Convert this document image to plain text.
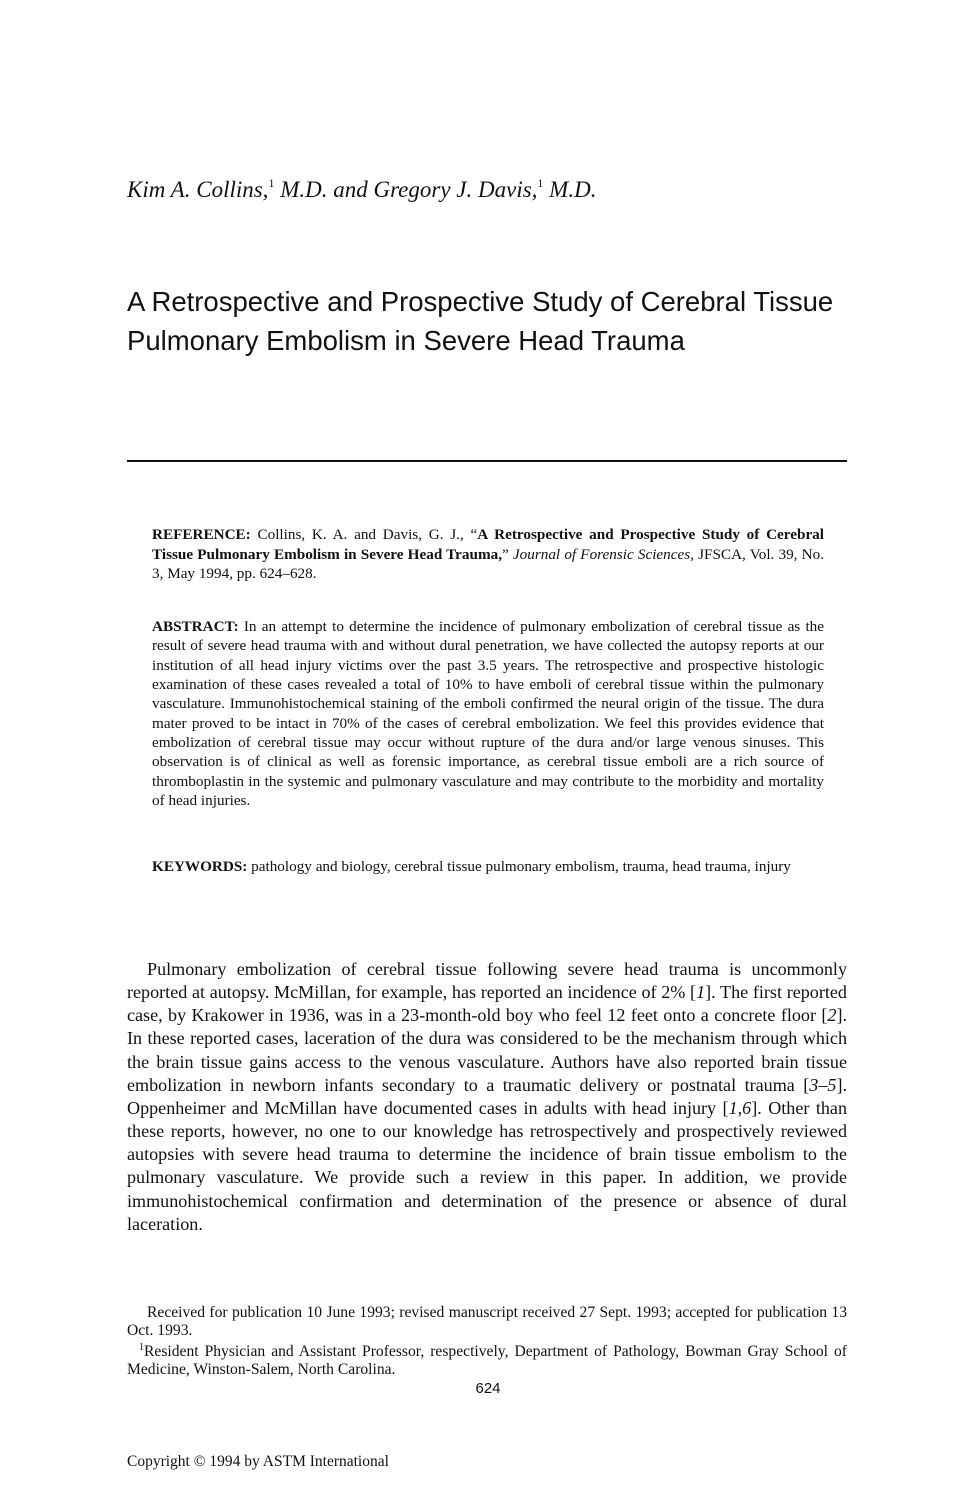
Kim A. Collins,$^1$ M.D. and Gregory J. Davis,$^1$ M.D.
A Retrospective and Prospective Study of Cerebral Tissue Pulmonary Embolism in Severe Head Trauma
REFERENCE: Collins, K. A. and Davis, G. J., “A Retrospective and Prospective Study of Cerebral Tissue Pulmonary Embolism in Severe Head Trauma,” Journal of Forensic Sciences, JFSCA, Vol. 39, No. 3, May 1994, pp. 624–628.
ABSTRACT: In an attempt to determine the incidence of pulmonary embolization of cerebral tissue as the result of severe head trauma with and without dural penetration, we have collected the autopsy reports at our institution of all head injury victims over the past 3.5 years. The retrospective and prospective histologic examination of these cases revealed a total of 10% to have emboli of cerebral tissue within the pulmonary vasculature. Immunohistochemical staining of the emboli confirmed the neural origin of the tissue. The dura mater proved to be intact in 70% of the cases of cerebral embolization. We feel this provides evidence that embolization of cerebral tissue may occur without rupture of the dura and/or large venous sinuses. This observation is of clinical as well as forensic importance, as cerebral tissue emboli are a rich source of thromboplastin in the systemic and pulmonary vasculature and may contribute to the morbidity and mortality of head injuries.
KEYWORDS: pathology and biology, cerebral tissue pulmonary embolism, trauma, head trauma, injury

Pulmonary embolization of cerebral tissue following severe head trauma is uncommonly reported at autopsy. McMillan, for example, has reported an incidence of 2% [1]. The first reported case, by Krakower in 1936, was in a 23-month-old boy who feel 12 feet onto a concrete floor [2]. In these reported cases, laceration of the dura was considered to be the mechanism through which the brain tissue gains access to the venous vasculature. Authors have also reported brain tissue embolization in newborn infants secondary to a traumatic delivery or postnatal trauma [3–5]. Oppenheimer and McMillan have documented cases in adults with head injury [1,6]. Other than these reports, however, no one to our knowledge has retrospectively and prospectively reviewed autopsies with severe head trauma to determine the incidence of brain tissue embolism to the pulmonary vasculature. We provide such a review in this paper. In addition, we provide immunohistochemical confirmation and determination of the presence or absence of dural laceration.

Received for publication 10 June 1993; revised manuscript received 27 Sept. 1993; accepted for publication 13 Oct. 1993.

$^1$Resident Physician and Assistant Professor, respectively, Department of Pathology, Bowman Gray School of Medicine, Winston-Salem, North Carolina.

624
Copyright © 1994 by ASTM International
